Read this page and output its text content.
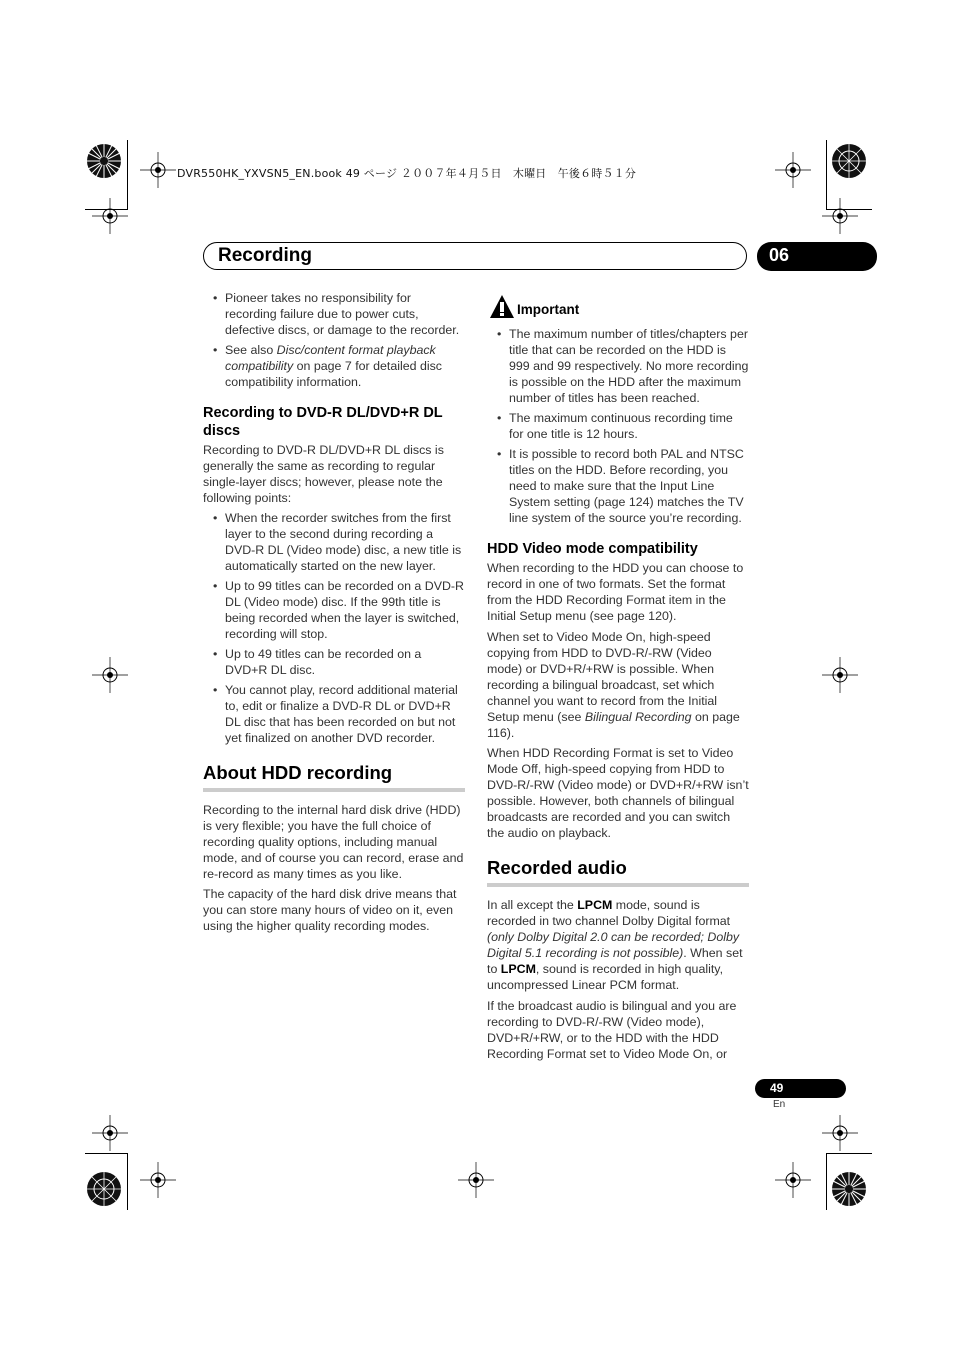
DVR550HK_YXVSN5_EN.book 49 ページ ２００７年４月５日　木曜日　午後６時５１分
Recording	06
• Pioneer takes no responsibility for recording failure due to power cuts, defective discs, or damage to the recorder.
• See also Disc/content format playback compatibility on page 7 for detailed disc compatibility information.
Recording to DVD-R DL/DVD+R DL discs

Recording to DVD-R DL/DVD+R DL discs is generally the same as recording to regular single-layer discs; however, please note the following points:

• When the recorder switches from the first layer to the second during recording a DVD-R DL (Video mode) disc, a new title is automatically started on the new layer.
• Up to 99 titles can be recorded on a DVD-R DL (Video mode) disc. If the 99th title is being recorded when the layer is switched, recording will stop.
• Up to 49 titles can be recorded on a DVD+R DL disc.
• You cannot play, record additional material to, edit or finalize a DVD-R DL or DVD+R DL disc that has been recorded on but not yet finalized on another DVD recorder.
About HDD recording

Recording to the internal hard disk drive (HDD) is very flexible; you have the full choice of recording quality options, including manual mode, and of course you can record, erase and re-record as many times as you like.

The capacity of the hard disk drive means that you can store many hours of video on it, even using the higher quality recording modes.

Important
• The maximum number of titles/chapters per title that can be recorded on the HDD is 999 and 99 respectively. No more recording is possible on the HDD after the maximum number of titles has been reached.
• The maximum continuous recording time for one title is 12 hours.
• It is possible to record both PAL and NTSC titles on the HDD. Before recording, you need to make sure that the Input Line System setting (page 124) matches the TV line system of the source you’re recording.
HDD Video mode compatibility

When recording to the HDD you can choose to record in one of two formats. Set the format from the HDD Recording Format item in the Initial Setup menu (see page 120).

When set to Video Mode On, high-speed copying from HDD to DVD-R/-RW (Video mode) or DVD+R/+RW is possible. When recording a bilingual broadcast, set which channel you want to record from the Initial Setup menu (see Bilingual Recording on page 116).

When HDD Recording Format is set to Video Mode Off, high-speed copying from HDD to DVD-R/-RW (Video mode) or DVD+R/+RW isn’t possible. However, both channels of bilingual broadcasts are recorded and you can switch the audio on playback.

Recorded audio

In all except the LPCM mode, sound is recorded in two channel Dolby Digital format (only Dolby Digital 2.0 can be recorded; Dolby Digital 5.1 recording is not possible). When set to LPCM, sound is recorded in high quality, uncompressed Linear PCM format.

If the broadcast audio is bilingual and you are recording to DVD-R/-RW (Video mode), DVD+R/+RW, or to the HDD with the HDD Recording Format set to Video Mode On, or

49
En
